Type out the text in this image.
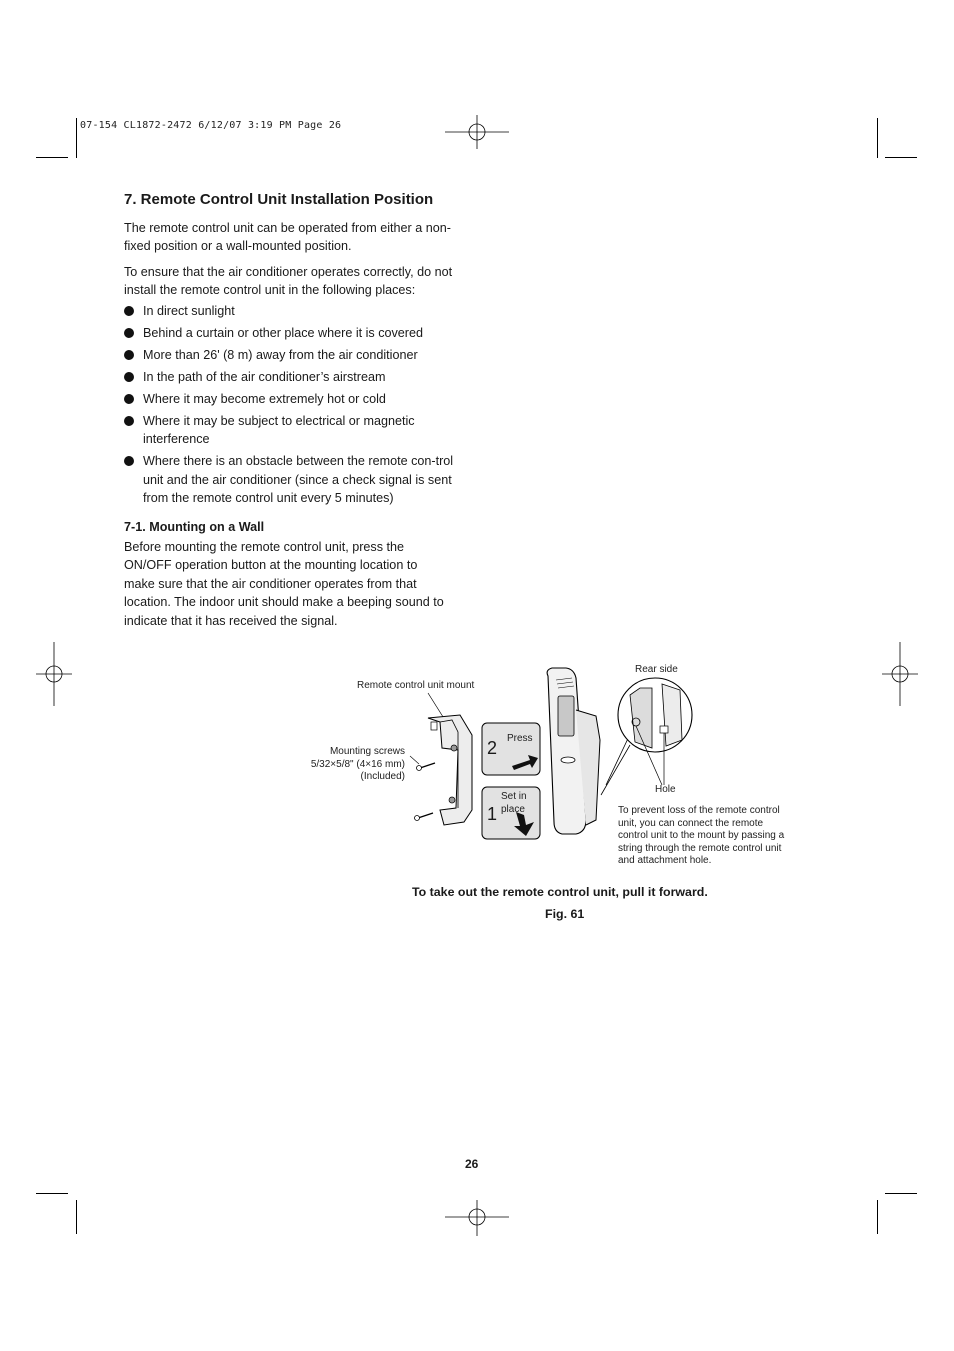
07-154 CL1872-2472 6/12/07 3:19 PM Page 26
7. Remote Control Unit Installation Position
The remote control unit can be operated from either a non-fixed position or a wall-mounted position.
To ensure that the air conditioner operates correctly, do not install the remote control unit in the following places:
In direct sunlight
Behind a curtain or other place where it is covered
More than 26' (8 m) away from the air conditioner
In the path of the air conditioner’s airstream
Where it may become extremely hot or cold
Where it may be subject to electrical or magnetic interference
Where there is an obstacle between the remote con-trol unit and the air conditioner (since a check signal is sent from the remote control unit every 5 minutes)
7-1. Mounting on a Wall
Before mounting the remote control unit, press the ON/OFF operation button at the mounting location to make sure that the air conditioner operates from that location. The indoor unit should make a beeping sound to indicate that it has received the signal.
Remote control unit mount
Mounting screws
5/32×5/8" (4×16 mm)
(Included)
2 Press
1
Set in
place
Rear side
Hole
To prevent loss of the remote control unit, you can connect the remote control unit to the mount by passing a string through the remote control unit and attachment hole.
To take out the remote control unit, pull it forward.
Fig. 61
26
